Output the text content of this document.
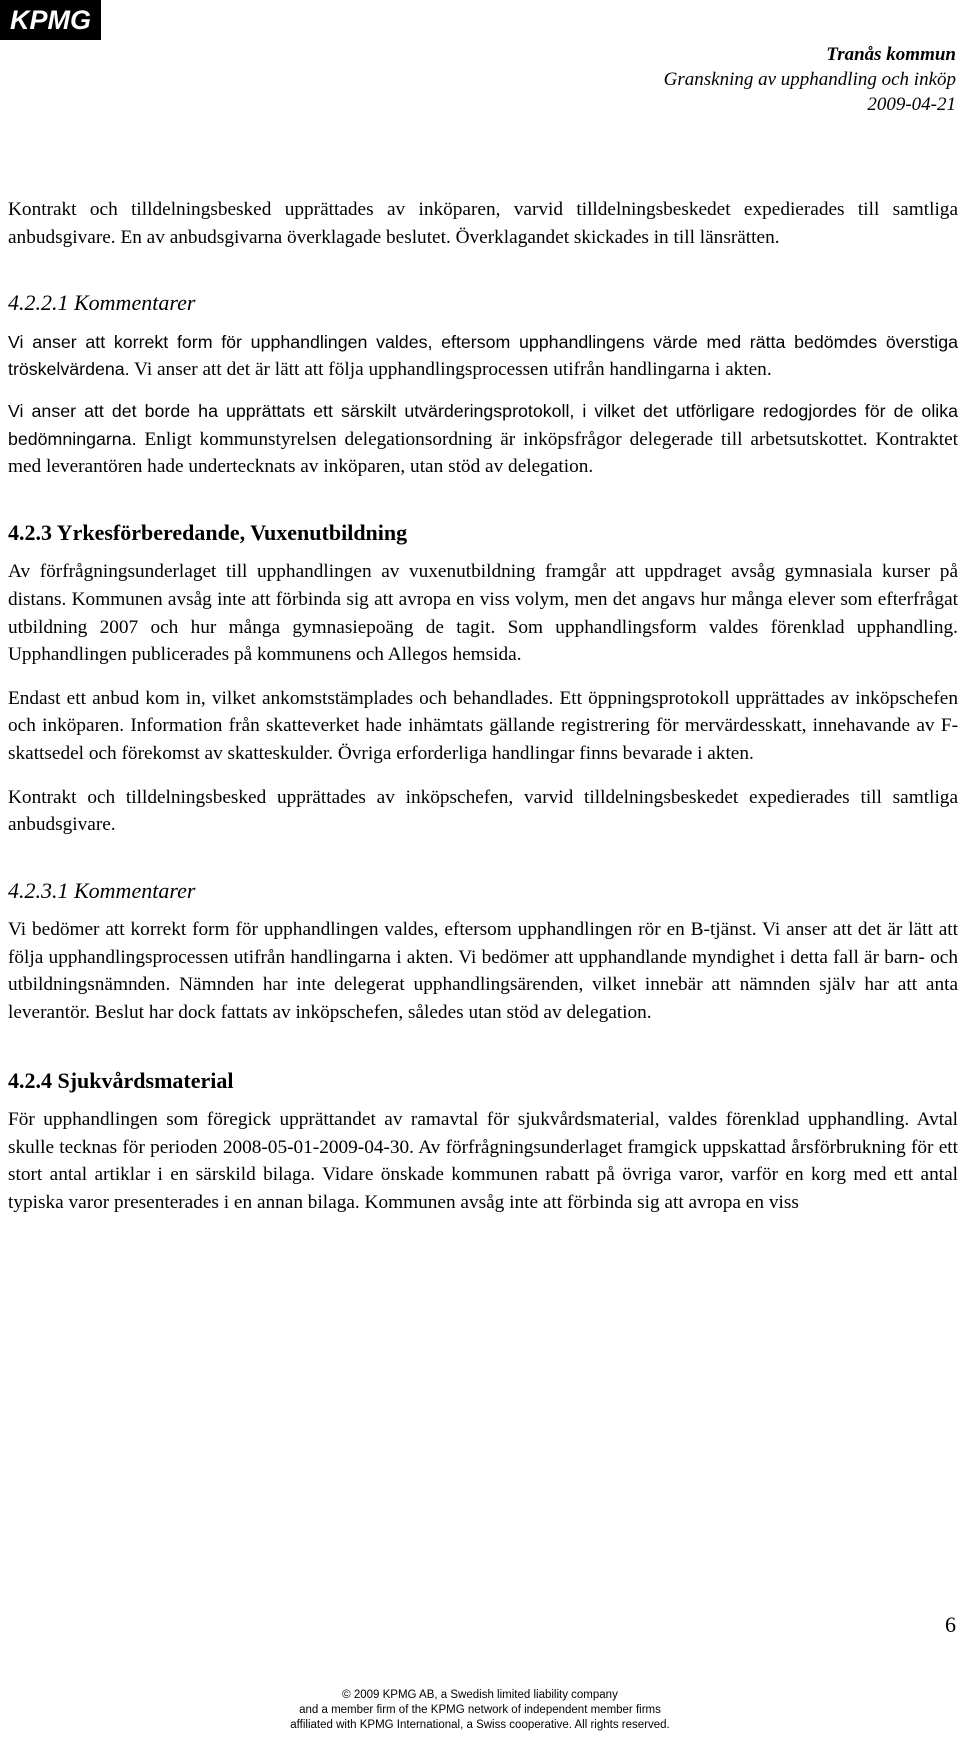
KPMG
Tranås kommun
Granskning av upphandling och inköp
2009-04-21

Kontrakt och tilldelningsbesked upprättades av inköparen, varvid tilldelningsbeskedet expedierades till samtliga anbudsgivare. En av anbudsgivarna överklagade beslutet. Överklagandet skickades in till länsrätten.

4.2.2.1 Kommentarer

Vi anser att korrekt form för upphandlingen valdes, eftersom upphandlingens värde med rätta bedömdes överstiga tröskelvärdena. Vi anser att det är lätt att följa upphandlingsprocessen utifrån handlingarna i akten.

Vi anser att det borde ha upprättats ett särskilt utvärderingsprotokoll, i vilket det utförligare redogjordes för de olika bedömningarna. Enligt kommunstyrelsen delegationsordning är inköpsfrågor delegerade till arbetsutskottet. Kontraktet med leverantören hade undertecknats av inköparen, utan stöd av delegation.

4.2.3 Yrkesförberedande, Vuxenutbildning

Av förfrågningsunderlaget till upphandlingen av vuxenutbildning framgår att uppdraget avsåg gymnasiala kurser på distans. Kommunen avsåg inte att förbinda sig att avropa en viss volym, men det angavs hur många elever som efterfrågat utbildning 2007 och hur många gymnasiepoäng de tagit. Som upphandlingsform valdes förenklad upphandling. Upphandlingen publicerades på kommunens och Allegos hemsida.

Endast ett anbud kom in, vilket ankomststämplades och behandlades. Ett öppningsprotokoll upprättades av inköpschefen och inköparen. Information från skatteverket hade inhämtats gällande registrering för mervärdesskatt, innehavande av F-skattsedel och förekomst av skatteskulder. Övriga erforderliga handlingar finns bevarade i akten.

Kontrakt och tilldelningsbesked upprättades av inköpschefen, varvid tilldelningsbeskedet expedierades till samtliga anbudsgivare.

4.2.3.1 Kommentarer

Vi bedömer att korrekt form för upphandlingen valdes, eftersom upphandlingen rör en B-tjänst. Vi anser att det är lätt att följa upphandlingsprocessen utifrån handlingarna i akten. Vi bedömer att upphandlande myndighet i detta fall är barn- och utbildningsnämnden. Nämnden har inte delegerat upphandlingsärenden, vilket innebär att nämnden själv har att anta leverantör. Beslut har dock fattats av inköpschefen, således utan stöd av delegation.

4.2.4 Sjukvårdsmaterial

För upphandlingen som föregick upprättandet av ramavtal för sjukvårdsmaterial, valdes förenklad upphandling. Avtal skulle tecknas för perioden 2008-05-01-2009-04-30. Av förfrågningsunderlaget framgick uppskattad årsförbrukning för ett stort antal artiklar i en särskild bilaga. Vidare önskade kommunen rabatt på övriga varor, varför en korg med ett antal typiska varor presenterades i en annan bilaga. Kommunen avsåg inte att förbinda sig att avropa en viss

6
© 2009 KPMG AB, a Swedish limited liability company
and a member firm of the KPMG network of independent member firms
affiliated with KPMG International, a Swiss cooperative. All rights reserved.
